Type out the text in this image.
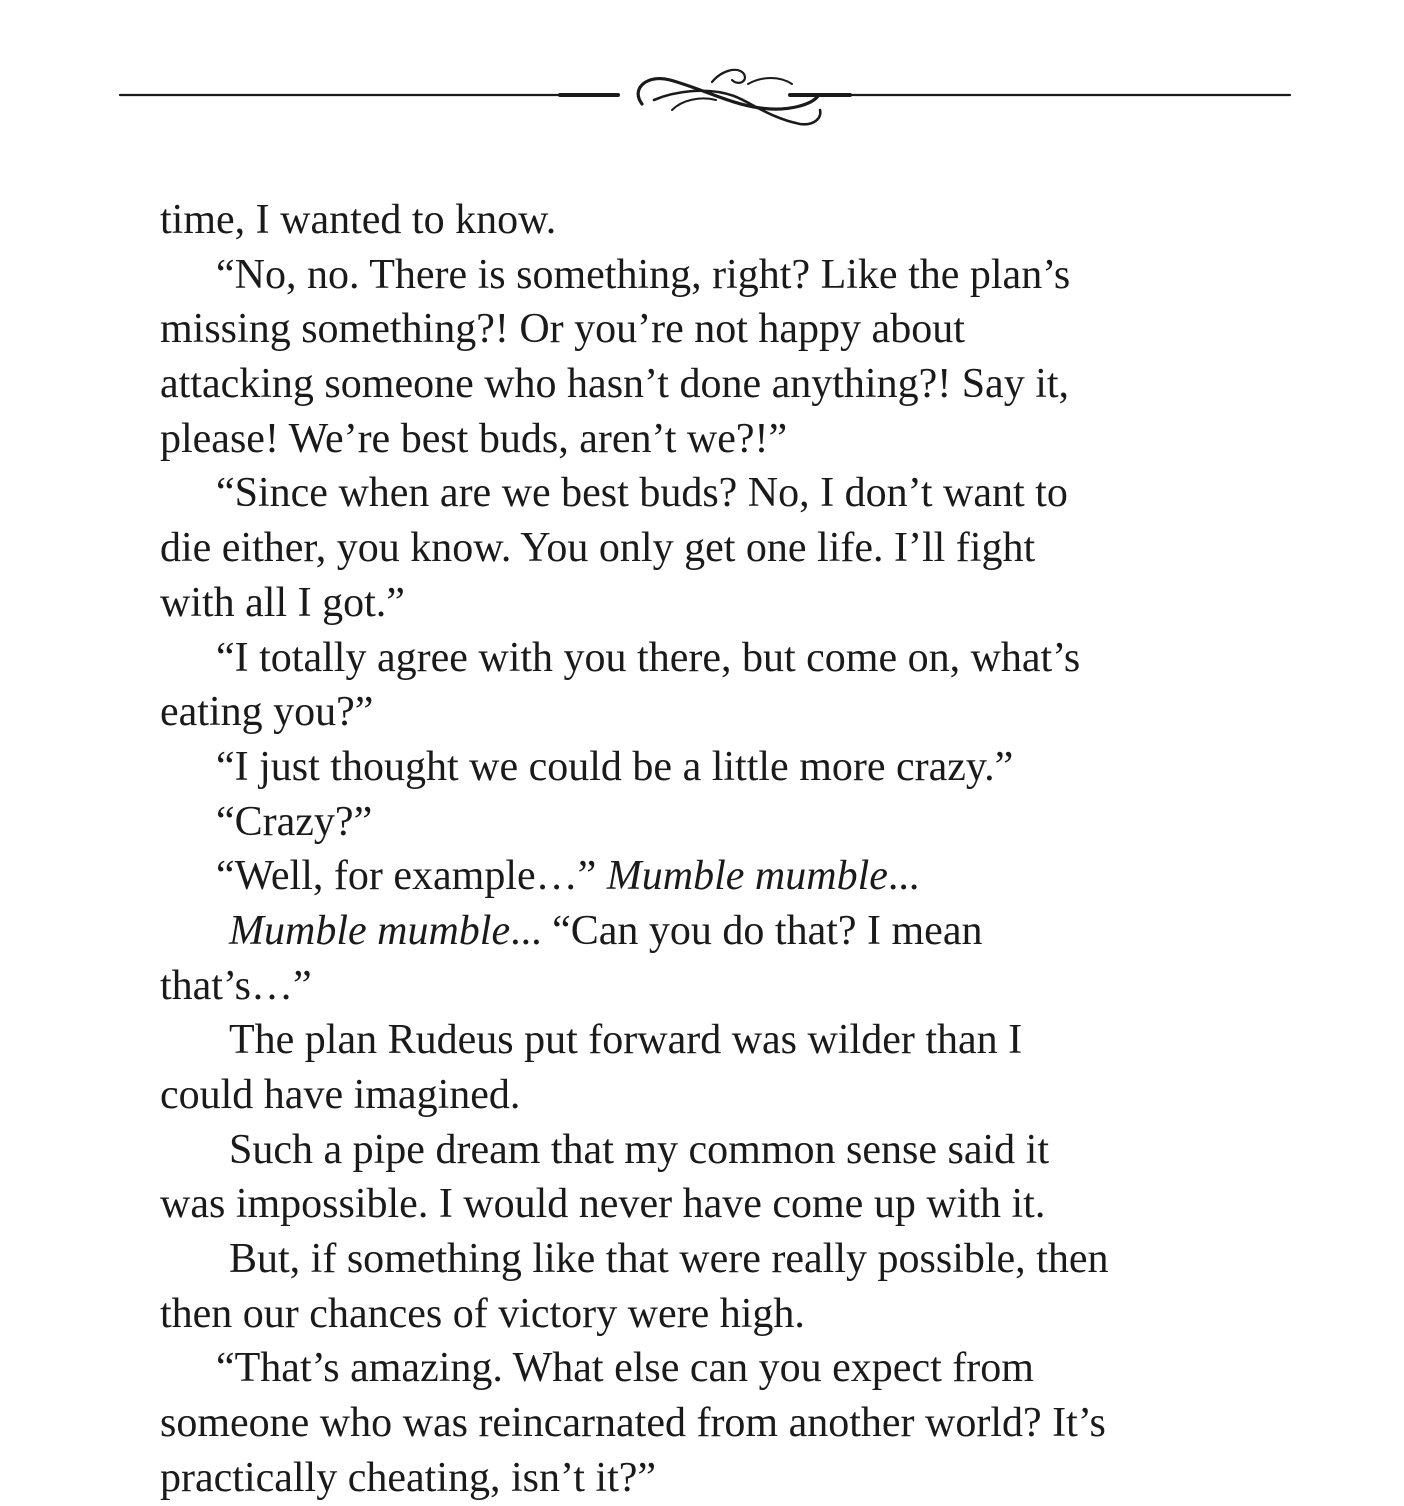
time, I wanted to know.
“No, no. There is something, right? Like the plan’s
missing something?! Or you’re not happy about
attacking someone who hasn’t done anything?! Say it,
please! We’re best buds, aren’t we?!”
“Since when are we best buds? No, I don’t want to
die either, you know. You only get one life. I’ll fight
with all I got.”
“I totally agree with you there, but come on, what’s
eating you?”
“I just thought we could be a little more crazy.”
“Crazy?”
“Well, for example…” Mumble mumble...
Mumble mumble... “Can you do that? I mean
that’s…”
The plan Rudeus put forward was wilder than I
could have imagined.
Such a pipe dream that my common sense said it
was impossible. I would never have come up with it.
But, if something like that were really possible, then
then our chances of victory were high.
“That’s amazing. What else can you expect from
someone who was reincarnated from another world? It’s
practically cheating, isn’t it?”
